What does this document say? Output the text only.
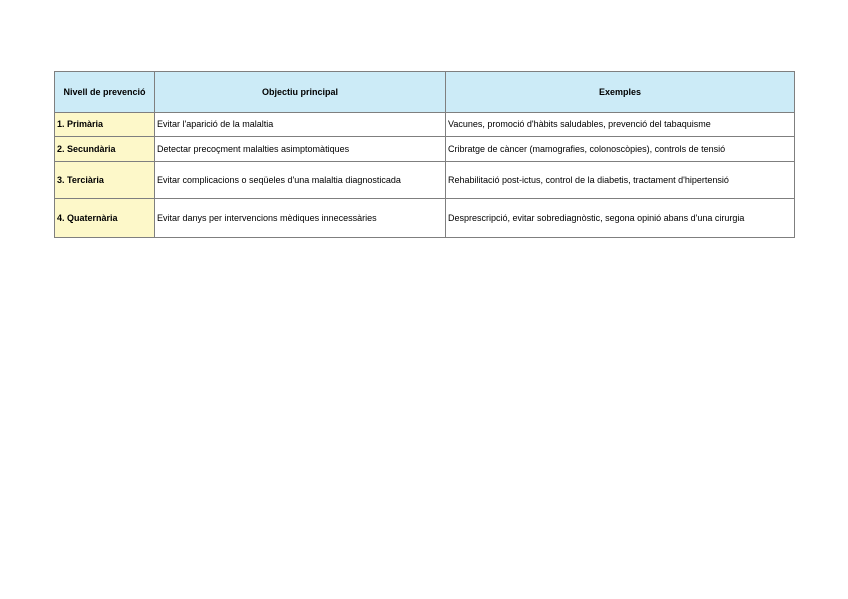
Nivell de prevenció	Objectiu principal	Exemples
1. Primària	Evitar l'aparició de la malaltia	Vacunes, promoció d'hàbits saludables, prevenció del tabaquisme
2. Secundària	Detectar precoçment malalties asimptomàtiques	Cribratge de càncer (mamografies, colonoscòpies), controls de tensió
3. Terciària	Evitar complicacions o seqüeles d'una malaltia diagnosticada	Rehabilitació post-ictus, control de la diabetis, tractament d'hipertensió
4. Quaternària	Evitar danys per intervencions mèdiques innecessàries	Desprescripció, evitar sobrediagnòstic, segona opinió abans d'una cirurgia
